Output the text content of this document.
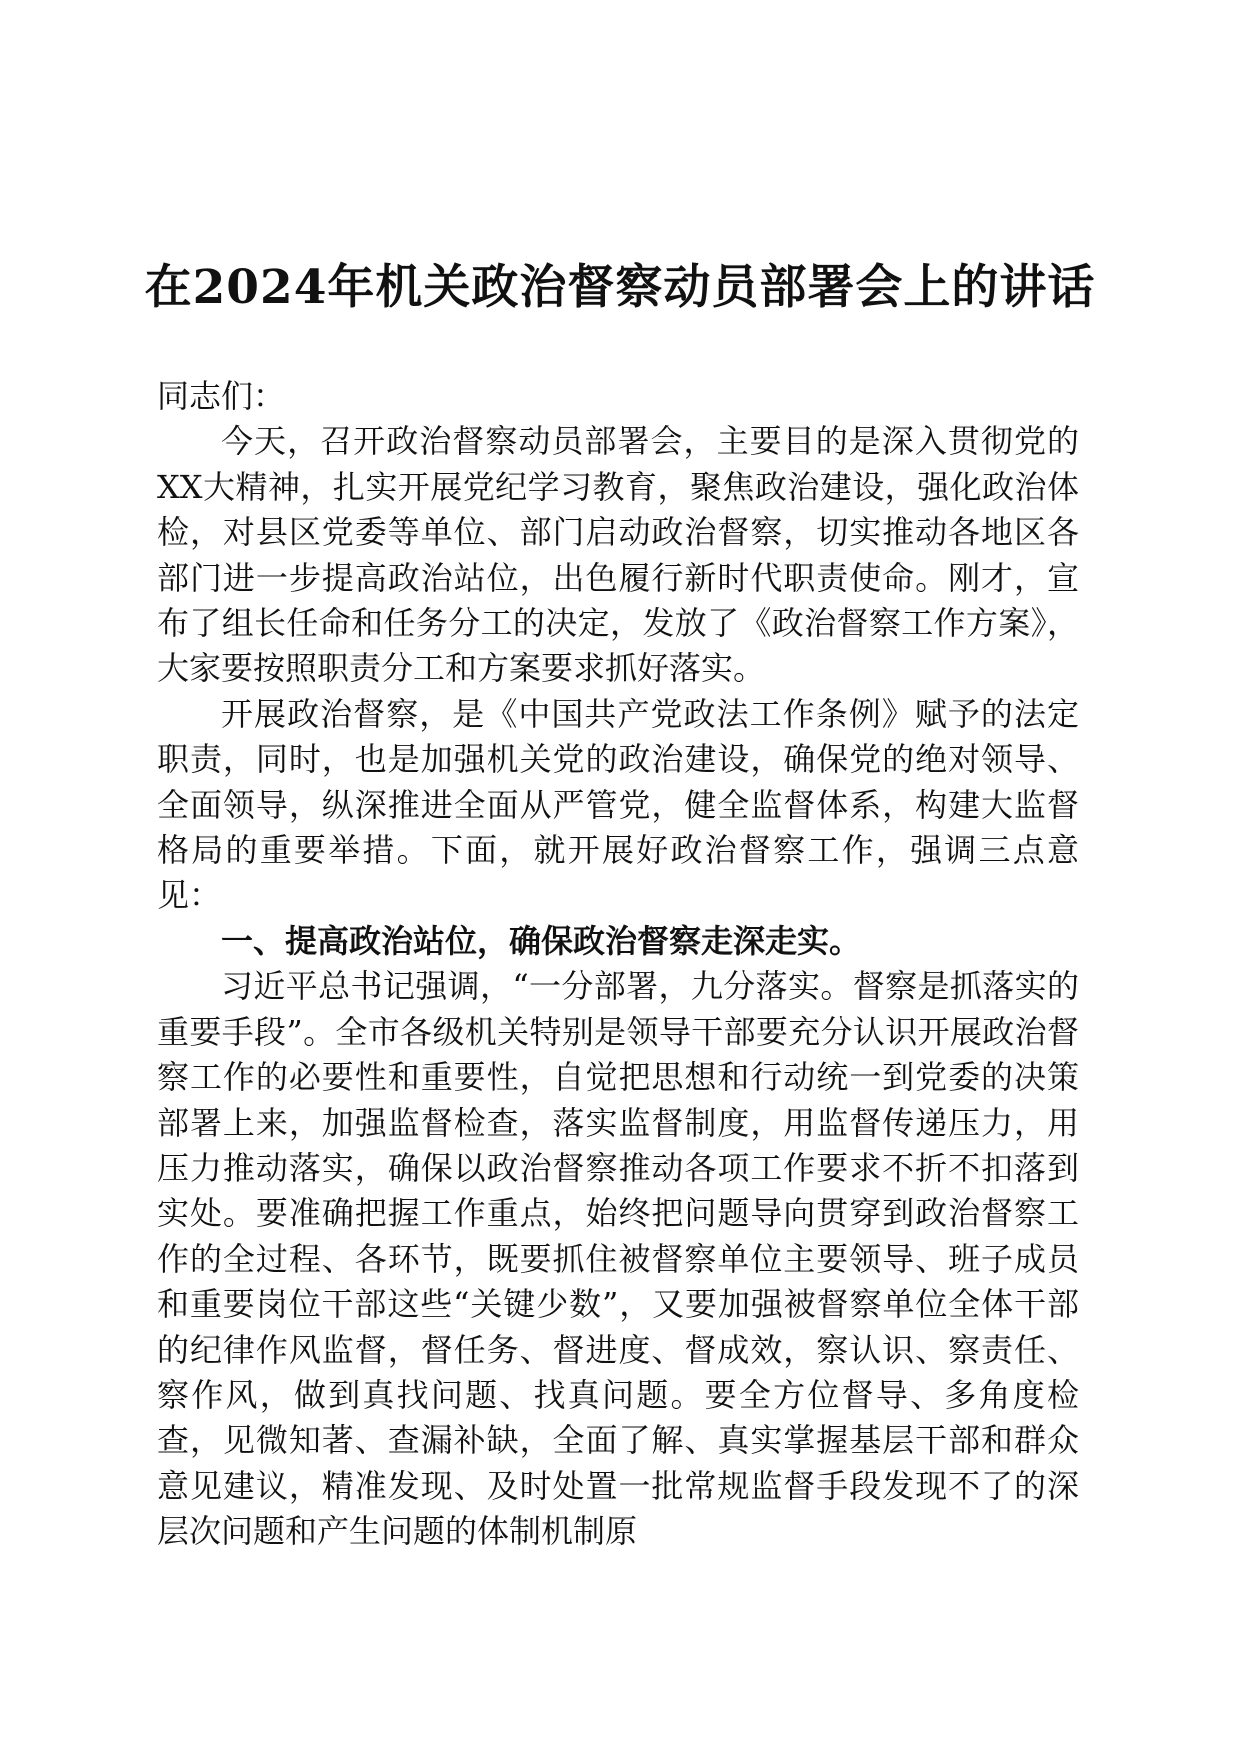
在2024年机关政治督察动员部署会上的讲话

同志们：

今天，召开政治督察动员部署会，主要目的是深入贯彻党的XX大精神，扎实开展党纪学习教育，聚焦政治建设，强化政治体检，对县区党委等单位、部门启动政治督察，切实推动各地区各部门进一步提高政治站位，出色履行新时代职责使命。刚才，宣布了组长任命和任务分工的决定，发放了《政治督察工作方案》，大家要按照职责分工和方案要求抓好落实。

开展政治督察，是《中国共产党政法工作条例》赋予的法定职责，同时，也是加强机关党的政治建设，确保党的绝对领导、全面领导，纵深推进全面从严管党，健全监督体系，构建大监督格局的重要举措。下面，就开展好政治督察工作，强调三点意见：

一、提高政治站位，确保政治督察走深走实。

习近平总书记强调，“一分部署，九分落实。督察是抓落实的重要手段”。全市各级机关特别是领导干部要充分认识开展政治督察工作的必要性和重要性，自觉把思想和行动统一到党委的决策部署上来，加强监督检查，落实监督制度，用监督传递压力，用压力推动落实，确保以政治督察推动各项工作要求不折不扣落到实处。要准确把握工作重点，始终把问题导向贯穿到政治督察工作的全过程、各环节，既要抓住被督察单位主要领导、班子成员和重要岗位干部这些“关键少数”，又要加强被督察单位全体干部的纪律作风监督，督任务、督进度、督成效，察认识、察责任、察作风，做到真找问题、找真问题。要全方位督导、多角度检查，见微知著、查漏补缺，全面了解、真实掌握基层干部和群众意见建议，精准发现、及时处置一批常规监督手段发现不了的深层次问题和产生问题的体制机制原
